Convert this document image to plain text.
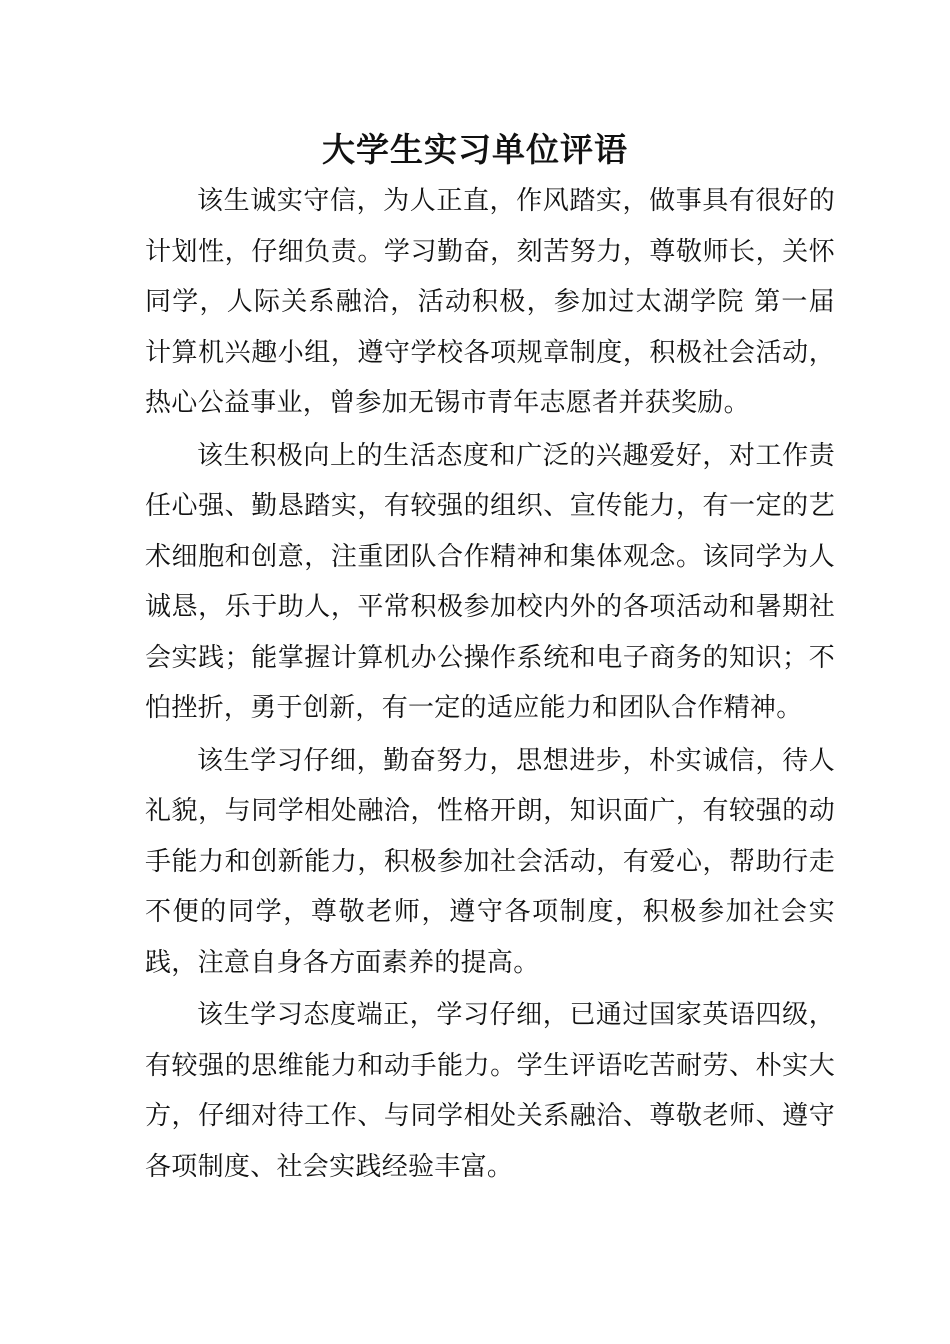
大学生实习单位评语

该生诚实守信，为人正直，作风踏实，做事具有很好的计划性，仔细负责。学习勤奋，刻苦努力，尊敬师长，关怀同学，人际关系融洽，活动积极，参加过太湖学院 第一届计算机兴趣小组，遵守学校各项规章制度，积极社会活动，热心公益事业，曾参加无锡市青年志愿者并获奖励。

该生积极向上的生活态度和广泛的兴趣爱好，对工作责任心强、勤恳踏实，有较强的组织、宣传能力，有一定的艺术细胞和创意，注重团队合作精神和集体观念。该同学为人诚恳，乐于助人，平常积极参加校内外的各项活动和暑期社会实践；能掌握计算机办公操作系统和电子商务的知识；不怕挫折，勇于创新，有一定的适应能力和团队合作精神。

该生学习仔细，勤奋努力，思想进步，朴实诚信，待人礼貌，与同学相处融洽，性格开朗，知识面广，有较强的动手能力和创新能力，积极参加社会活动，有爱心，帮助行走不便的同学，尊敬老师，遵守各项制度，积极参加社会实践，注意自身各方面素养的提高。

该生学习态度端正，学习仔细，已通过国家英语四级，有较强的思维能力和动手能力。学生评语吃苦耐劳、朴实大方，仔细对待工作、与同学相处关系融洽、尊敬老师、遵守各项制度、社会实践经验丰富。
